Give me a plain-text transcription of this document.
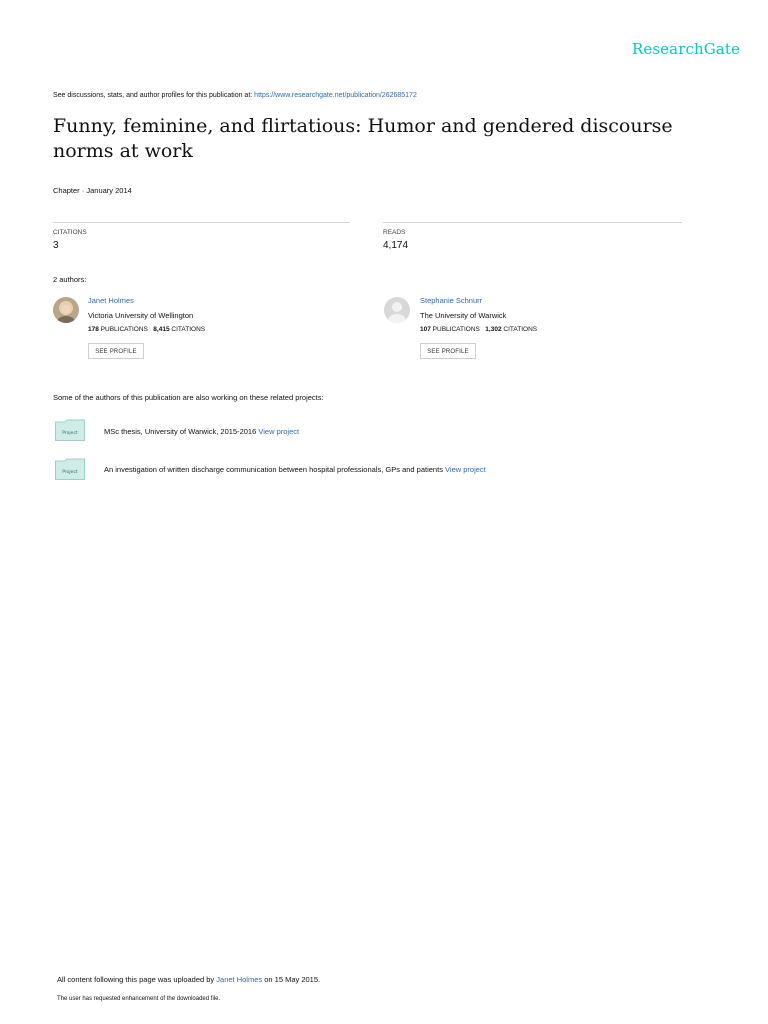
ResearchGate
See discussions, stats, and author profiles for this publication at: https://www.researchgate.net/publication/262685172
Funny, feminine, and flirtatious: Humor and gendered discourse norms at work
Chapter · January 2014
CITATIONS
3
READS
4,174
2 authors:
Janet Holmes
Victoria University of Wellington
178 PUBLICATIONS 8,415 CITATIONS
SEE PROFILE
Stephanie Schnurr
The University of Warwick
107 PUBLICATIONS 1,302 CITATIONS
SEE PROFILE
Some of the authors of this publication are also working on these related projects:
Project	MSc thesis, University of Warwick, 2015-2016 View project
Project	An investigation of written discharge communication between hospital professionals, GPs and patients View project
All content following this page was uploaded by Janet Holmes on 15 May 2015.
The user has requested enhancement of the downloaded file.
